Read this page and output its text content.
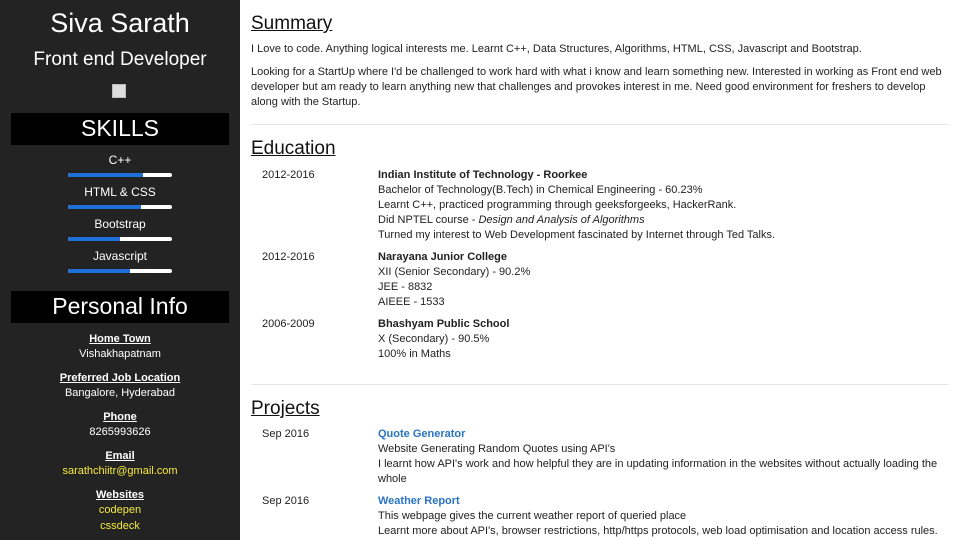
Siva Sarath
Front end Developer
SKILLS
C++
HTML & CSS
Bootstrap
Javascript
Personal Info
Home Town
Vishakhapatnam
Preferred Job Location
Bangalore, Hyderabad
Phone
8265993626
Email
sarathchiitr@gmail.com
Websites
codepen
cssdeck
Summary

I Love to code. Anything logical interests me. Learnt C++, Data Structures, Algorithms, HTML, CSS, Javascript and Bootstrap.

Looking for a StartUp where I'd be challenged to work hard with what i know and learn something new. Interested in working as Front end web developer but am ready to learn anything new that challenges and provokes interest in me. Need good environment for freshers to develop along with the Startup.

Education
2012-2016	Indian Institute of Technology - Roorkee
Bachelor of Technology(B.Tech) in Chemical Engineering - 60.23%
Learnt C++, practiced programming through geeksforgeeks, HackerRank.
Did NPTEL course - Design and Analysis of Algorithms
Turned my interest to Web Development fascinated by Internet through Ted Talks.
2012-2016	Narayana Junior College
XII (Senior Secondary) - 90.2%
JEE - 8832
AIEEE - 1533
2006-2009	Bhashyam Public School
X (Secondary) - 90.5%
100% in Maths
Projects
Sep 2016	Quote Generator
Website Generating Random Quotes using API's
I learnt how API's work and how helpful they are in updating information in the websites without actually loading the whole
Sep 2016	Weather Report
This webpage gives the current weather report of queried place
Learnt more about API's, browser restrictions, http/https protocols, web load optimisation and location access rules.
